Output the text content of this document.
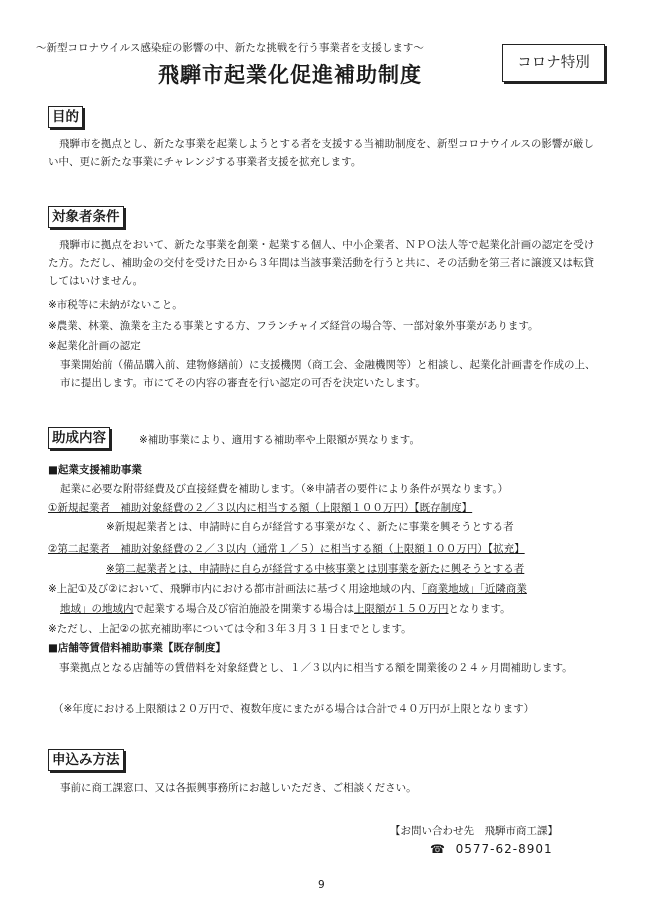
～新型コロナウイルス感染症の影響の中、新たな挑戦を行う事業者を支援します～
飛騨市起業化促進補助制度	コロナ特別
目的
飛騨市を拠点とし、新たな事業を起業しようとする者を支援する当補助制度を、新型コロナウイルスの影響が厳しい中、更に新たな事業にチャレンジする事業者支援を拡充します。
対象者条件
飛騨市に拠点をおいて、新たな事業を創業・起業する個人、中小企業者、ＮＰＯ法人等で起業化計画の認定を受けた方。ただし、補助金の交付を受けた日から３年間は当該事業活動を行うと共に、その活動を第三者に譲渡又は転貸してはいけません。
※市税等に未納がないこと。
※農業、林業、漁業を主たる事業とする方、フランチャイズ経営の場合等、一部対象外事業があります。
※起業化計画の認定
事業開始前（備品購入前、建物修繕前）に支援機関（商工会、金融機関等）と相談し、起業化計画書を作成の上、市に提出します。市にてその内容の審査を行い認定の可否を決定いたします。
助成内容	※補助事業により、適用する補助率や上限額が異なります。
■起業支援補助事業
起業に必要な附帯経費及び直接経費を補助します。（※申請者の要件により条件が異なります。）
①新規起業者　補助対象経費の２／３以内に相当する額（上限額１００万円）【既存制度】
※新規起業者とは、申請時に自らが経営する事業がなく、新たに事業を興そうとする者
②第二起業者　補助対象経費の２／３以内（通常１／５）に相当する額（上限額１００万円）【拡充】
※第二起業者とは、申請時に自らが経営する中核事業とは別事業を新たに興そうとする者
※上記①及び②において、飛騨市内における都市計画法に基づく用途地域の内、「商業地域」「近隣商業
地域」の地域内で起業する場合及び宿泊施設を開業する場合は上限額が１５０万円となります。
※ただし、上記②の拡充補助率については令和３年３月３１日までとします。
■店舗等賃借料補助事業【既存制度】
事業拠点となる店舗等の賃借料を対象経費とし、１／３以内に相当する額を開業後の２４ヶ月間補助します。
（※年度における上限額は２０万円で、複数年度にまたがる場合は合計で４０万円が上限となります）
申込み方法
事前に商工課窓口、又は各振興事務所にお越しいただき、ご相談ください。
【お問い合わせ先　飛騨市商工課】
☎ 0577-62-8901
9
